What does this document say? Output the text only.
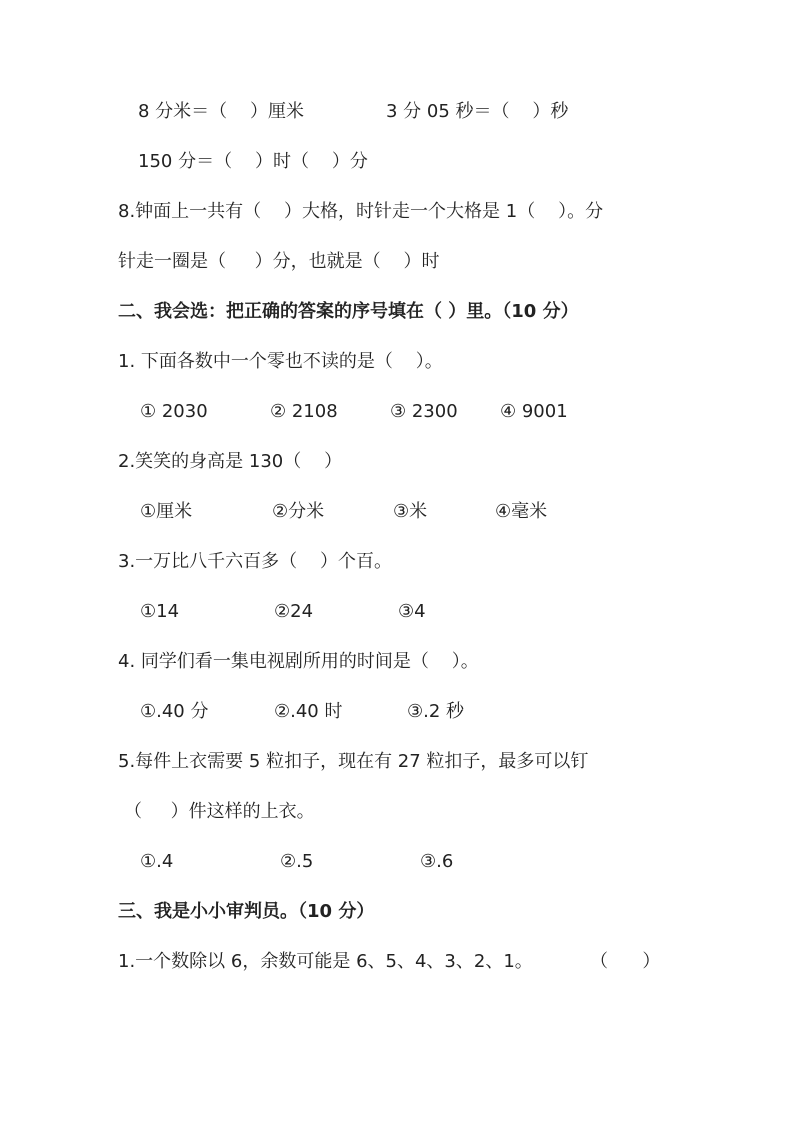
8 分米＝（    ）厘米	3 分 05 秒＝（    ）秒
150 分＝（    ）时（    ）分
8.钟面上一共有（    ）大格，时针走一个大格是 1（    ）。分
针走一圈是（     ）分，也就是（    ）时
二、我会选：把正确的答案的序号填在（ ）里。（10 分）
1. 下面各数中一个零也不读的是（    ）。
① 2030	② 2108	③ 2300 ④ 9001
2.笑笑的身高是 130（    ）
①厘米	②分米	③米	④毫米
3.一万比八千六百多（    ）个百。
①14	②24	③4
4. 同学们看一集电视剧所用的时间是（    ）。
①.40 分	②.40 时	③.2 秒
5.每件上衣需要 5 粒扣子，现在有 27 粒扣子，最多可以钉
（     ）件这样的上衣。
①.4	②.5	③.6
三、我是小小审判员。（10 分）
1.一个数除以 6，余数可能是 6、5、4、3、2、1。	（      ）
